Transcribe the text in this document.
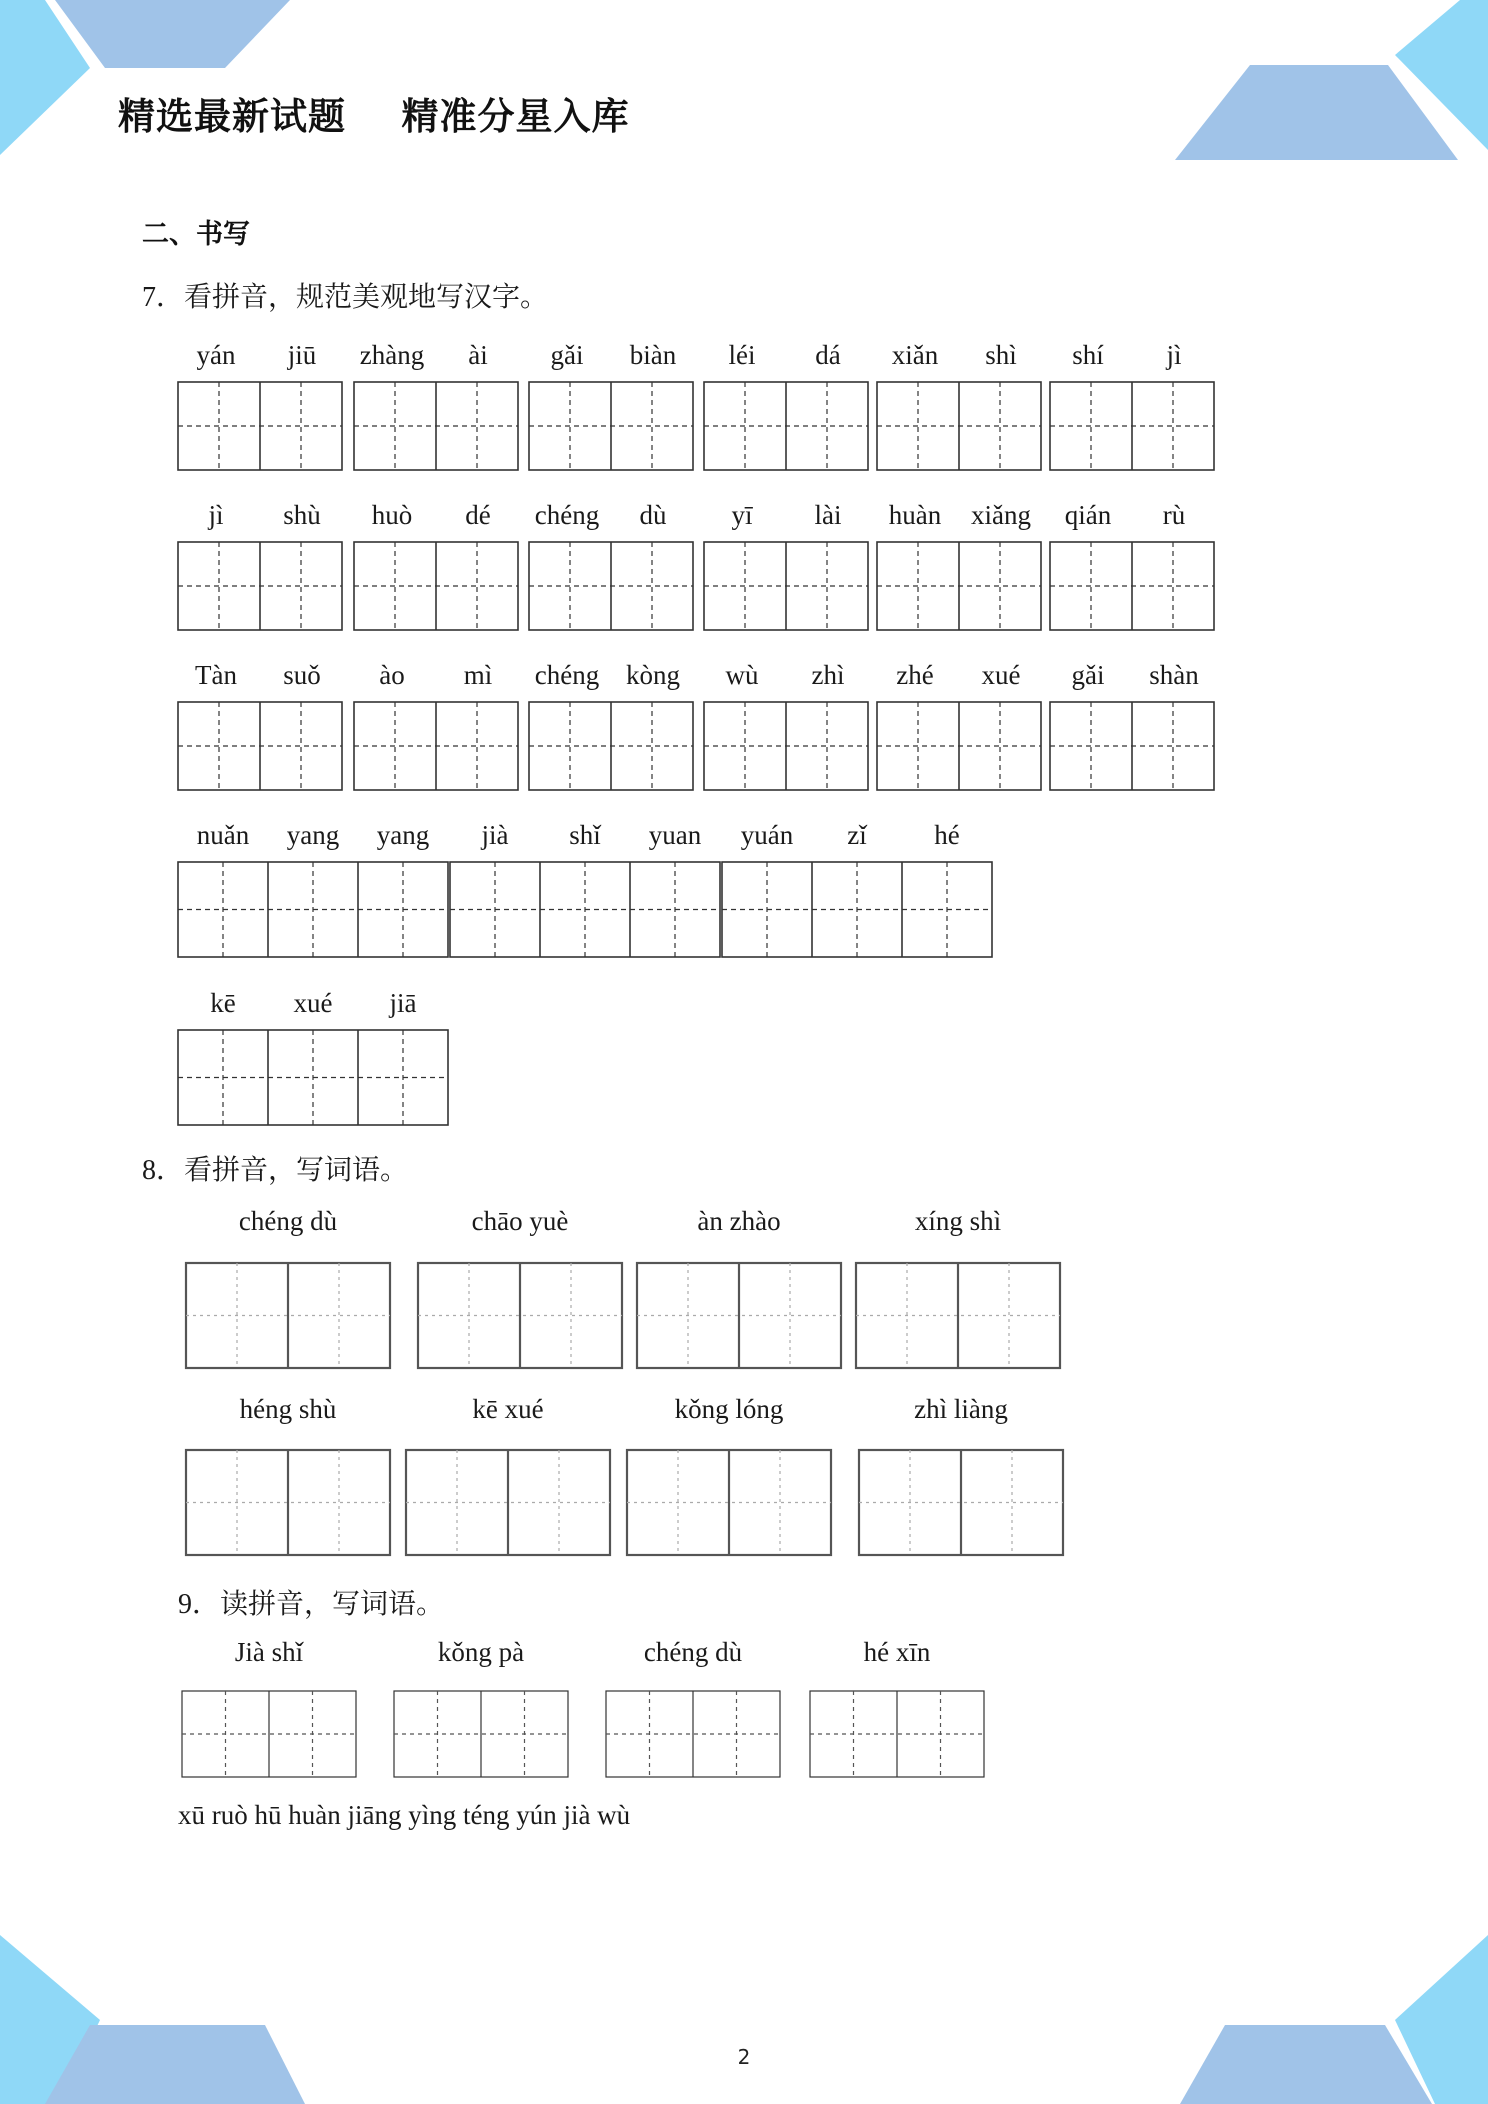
精选最新试题    精准分星入库
二、书写
7．看拼音，规范美观地写汉字。
8．看拼音，写词语。
9．读拼音，写词语。
yán jiū zhàng ài gǎi biàn léi dá xiǎn shì shí jì
jì shù huò dé chéng dù yī lài huàn xiǎng qián rù
Tàn suǒ ào mì chéng kòng wù zhì zhé xué gǎi shàn
nuǎn yang yang jià shǐ yuan yuán zǐ	hé
kē xué jiā
chéng dù	chāo yuè	àn zhào	xíng shì
héng shù	kē xué	kǒng lóng	zhì liàng
Jià shǐ	kǒng pà	chéng dù	hé xīn
xū ruò hū huàn jiāng yìng téng yún jià wù
2
